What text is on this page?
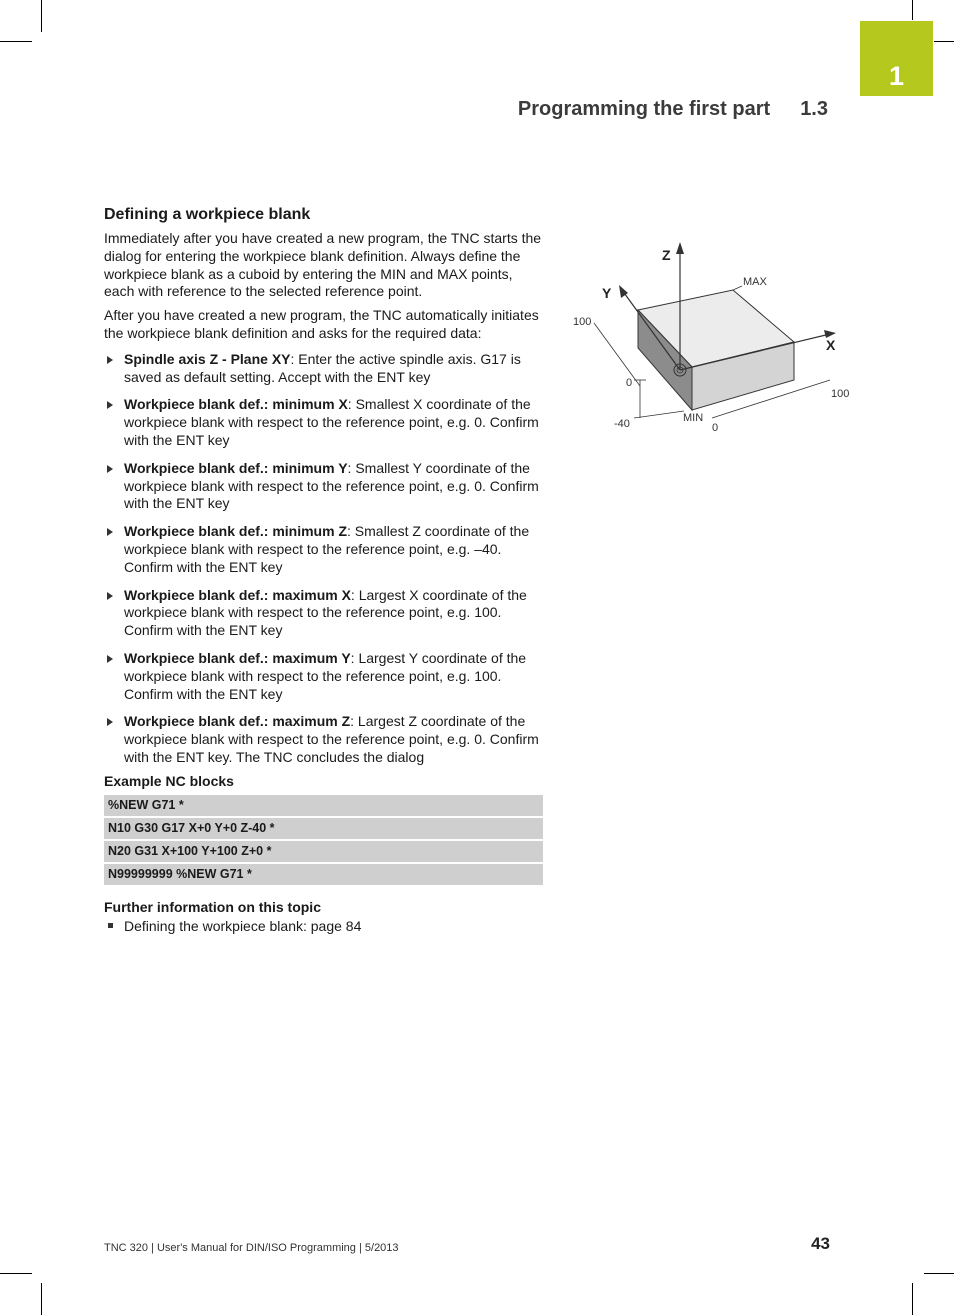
1
Programming the first part 1.3
Defining a workpiece blank

Immediately after you have created a new program, the TNC starts the dialog for entering the workpiece blank definition. Always define the workpiece blank as a cuboid by entering the MIN and MAX points, each with reference to the selected reference point.

After you have created a new program, the TNC automatically initiates the workpiece blank definition and asks for the required data:

Spindle axis Z - Plane XY: Enter the active spindle axis. G17 is saved as default setting. Accept with the ENT key
Workpiece blank def.: minimum X: Smallest X coordinate of the workpiece blank with respect to the reference point, e.g. 0. Confirm with the ENT key
Workpiece blank def.: minimum Y: Smallest Y coordinate of the workpiece blank with respect to the reference point, e.g. 0. Confirm with the ENT key
Workpiece blank def.: minimum Z: Smallest Z coordinate of the workpiece blank with respect to the reference point, e.g. –40. Confirm with the ENT key
Workpiece blank def.: maximum X: Largest X coordinate of the workpiece blank with respect to the reference point, e.g. 100. Confirm with the ENT key
Workpiece blank def.: maximum Y: Largest Y coordinate of the workpiece blank with respect to the reference point, e.g. 100. Confirm with the ENT key
Workpiece blank def.: maximum Z: Largest Z coordinate of the workpiece blank with respect to the reference point, e.g. 0. Confirm with the ENT key. The TNC concludes the dialog
Example NC blocks
%NEW G71 *
N10 G30 G17 X+0 Y+0 Z-40 *
N20 G31 X+100 Y+100 Z+0 *
N99999999 %NEW G71 *
Further information on this topic
Defining the workpiece blank: page 84
Z
Y
X
MAX
MIN
100
0
-40	0
100
TNC 320 | User's Manual for DIN/ISO Programming | 5/2013	43
